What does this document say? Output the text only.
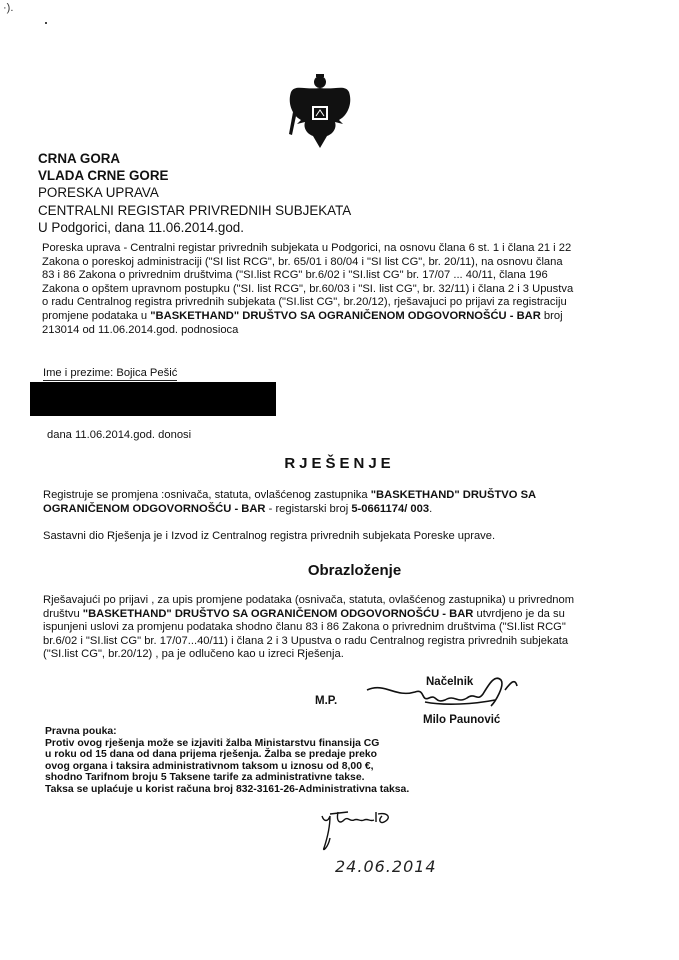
·).
CRNA GORA
VLADA CRNE GORE
PORESKA UPRAVA
CENTRALNI REGISTAR PRIVREDNIH SUBJEKATA
U Podgorici, dana 11.06.2014.god.
Poreska uprava - Centralni registar privrednih subjekata u Podgorici, na osnovu člana 6 st. 1 i člana 21 i 22
Zakona o poreskoj administraciji ("SI list RCG", br. 65/01 i 80/04 i "SI list CG", br. 20/11), na osnovu člana
83 i 86 Zakona o privrednim društvima ("SI.list RCG" br.6/02 i "SI.list CG" br. 17/07 ... 40/11, člana 196
Zakona o opštem upravnom postupku ("SI. list RCG", br.60/03 i "SI. list CG", br. 32/11) i člana 2 i 3 Upustva
o radu Centralnog registra privrednih subjekata ("SI.list CG", br.20/12), rješavajuci po prijavi za registraciju
promjene podataka u "BASKETHAND" DRUŠTVO SA OGRANIČENOM ODGOVORNOŠĆU - BAR broj
213014 od 11.06.2014.god. podnosioca
Ime i prezime: Bojica Pešić
dana 11.06.2014.god. donosi
RJEŠENJE
Registruje se promjena :osnivača, statuta, ovlašćenog zastupnika "BASKETHAND" DRUŠTVO SA
OGRANIČENOM ODGOVORNOŠĆU - BAR - registarski broj 5-0661174/ 003.
Sastavni dio Rješenja je i Izvod iz Centralnog registra privrednih subjekata Poreske uprave.
Obrazloženje
Rješavajući po prijavi , za upis promjene podataka (osnivača, statuta, ovlašćenog zastupnika) u privrednom
društvu "BASKETHAND" DRUŠTVO SA OGRANIČENOM ODGOVORNOŠĆU - BAR utvrdjeno je da su
ispunjeni uslovi za promjenu podataka shodno članu 83 i 86 Zakona o privrednim društvima ("SI.list RCG"
br.6/02 i "SI.list CG" br. 17/07...40/11) i člana 2 i 3 Upustva o radu Centralnog registra privrednih subjekata
("SI.list CG", br.20/12) , pa je odlučeno kao u izreci Rješenja.
M.P.
Načelnik
Milo Paunović
Pravna pouka:
Protiv ovog rješenja može se izjaviti žalba Ministarstvu finansija CG
u roku od 15 dana od dana prijema rješenja. Žalba se predaje preko
ovog organa i taksira administrativnom taksom u iznosu od 8,00 €,
shodno Tarifnom broju 5 Taksene tarife za administrativne takse.
Taksa se uplaćuje u korist računa broj 832-3161-26-Administrativna taksa.
24.06.2014
